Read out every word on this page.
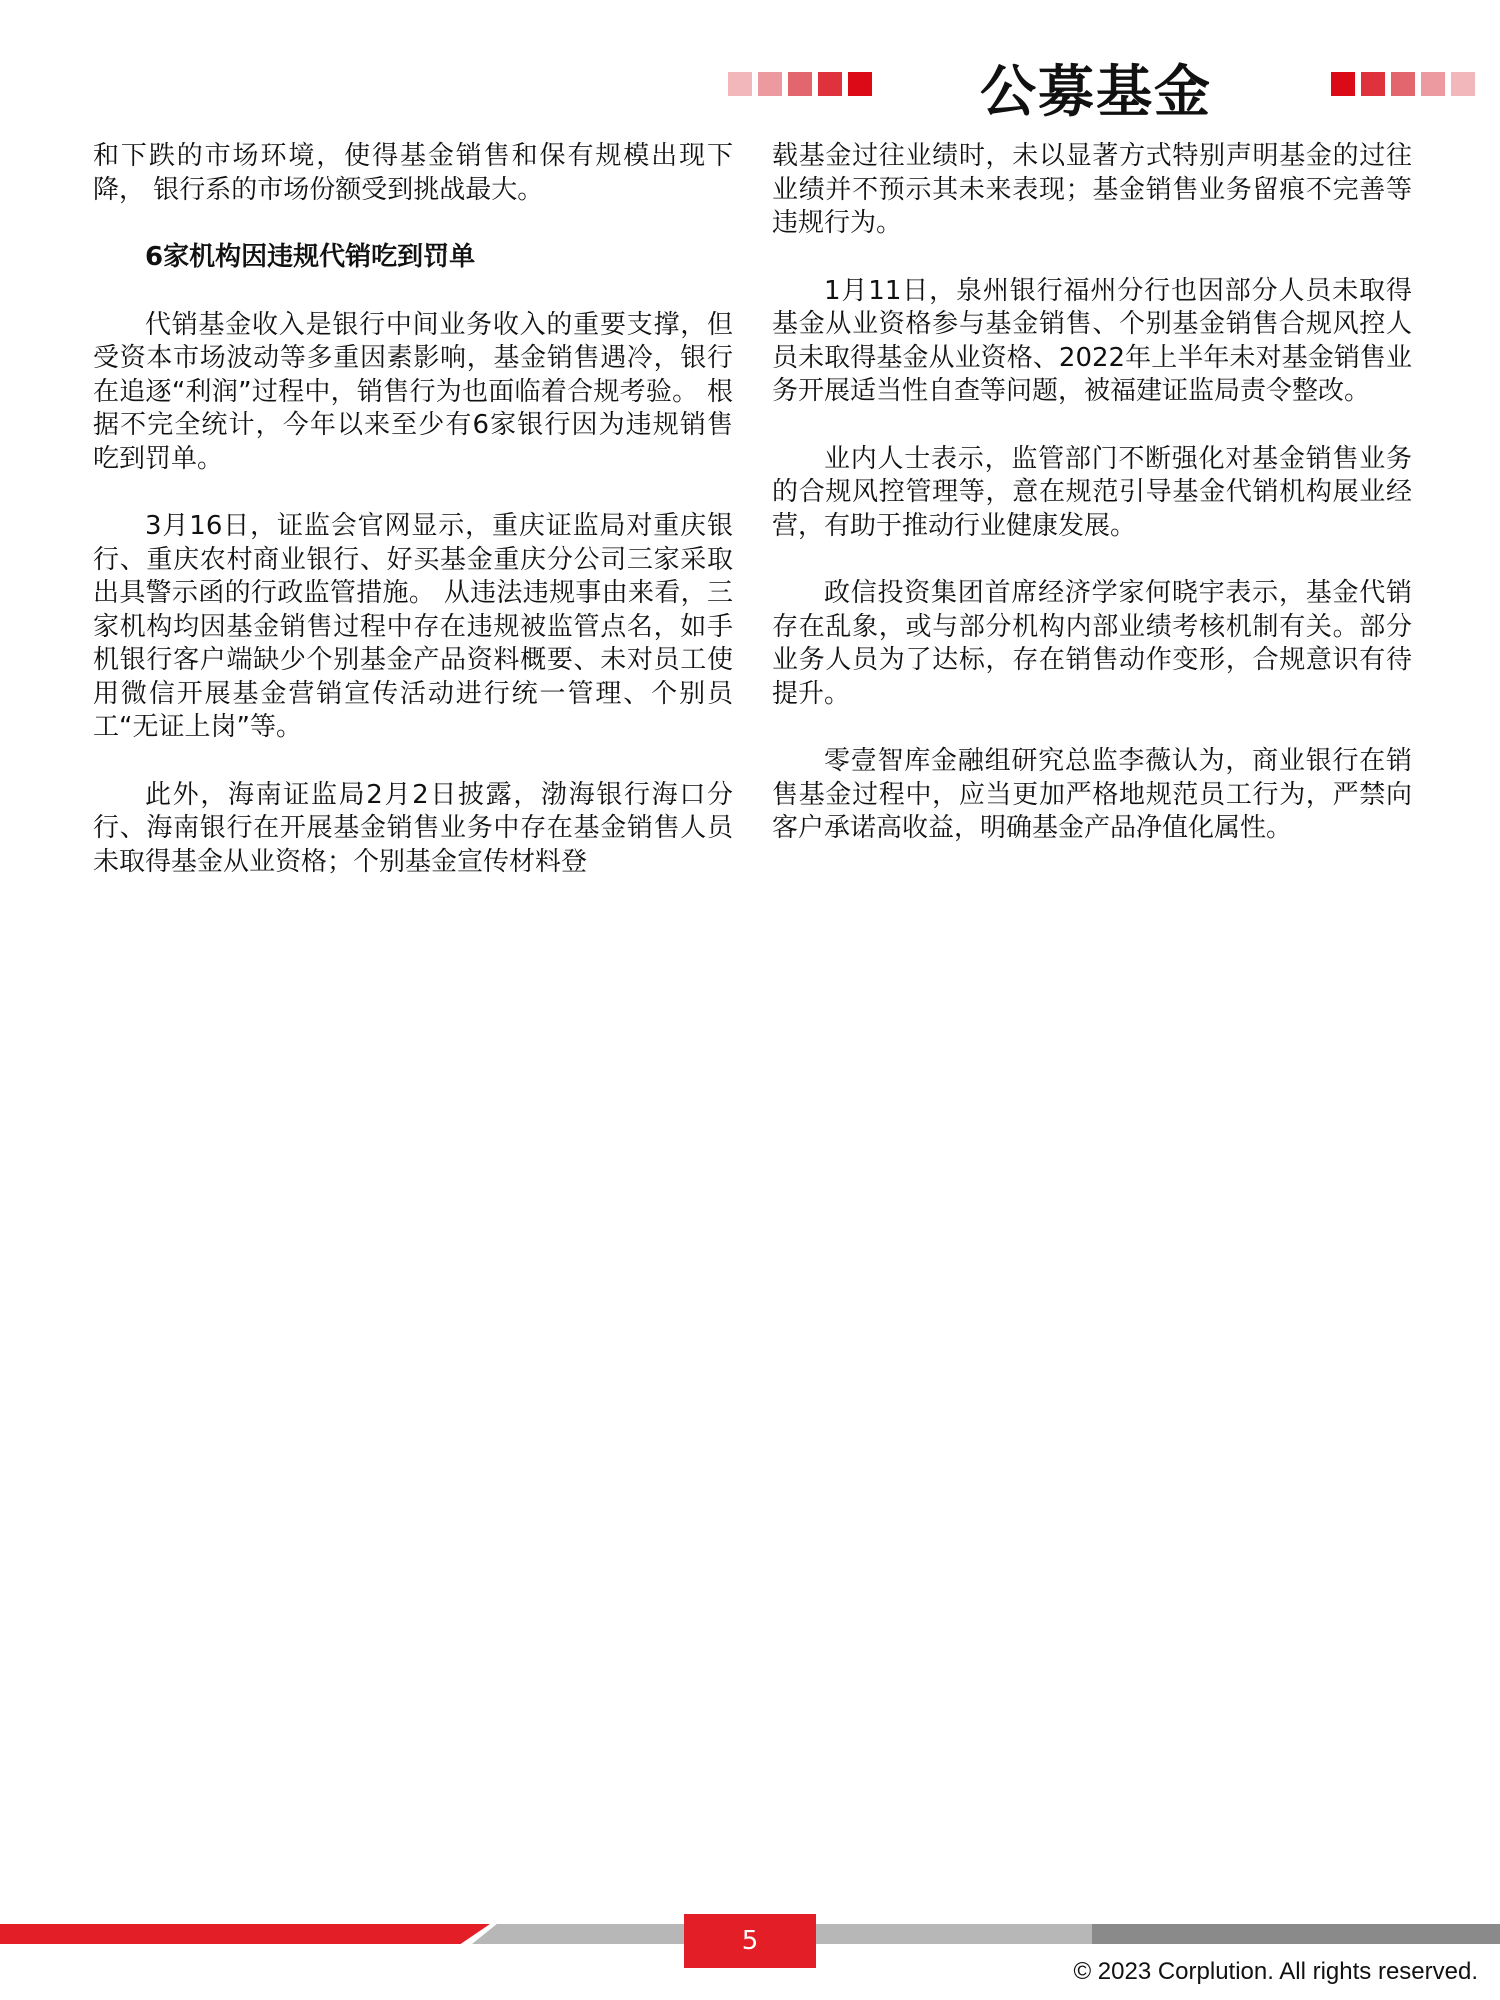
公募基金

和下跌的市场环境，使得基金销售和保有规模出现下降， 银行系的市场份额受到挑战最大。

6家机构因违规代销吃到罚单

代销基金收入是银行中间业务收入的重要支撑，但受资本市场波动等多重因素影响，基金销售遇冷，银行在追逐“利润”过程中，销售行为也面临着合规考验。 根据不完全统计，今年以来至少有6家银行因为违规销售吃到罚单。

3月16日，证监会官网显示，重庆证监局对重庆银行、重庆农村商业银行、好买基金重庆分公司三家采取出具警示函的行政监管措施。 从违法违规事由来看，三家机构均因基金销售过程中存在违规被监管点名，如手机银行客户端缺少个别基金产品资料概要、未对员工使用微信开展基金营销宣传活动进行统一管理、个别员工“无证上岗”等。

此外，海南证监局2月2日披露，渤海银行海口分行、海南银行在开展基金销售业务中存在基金销售人员未取得基金从业资格；个别基金宣传材料登

载基金过往业绩时，未以显著方式特别声明基金的过往业绩并不预示其未来表现；基金销售业务留痕不完善等违规行为。

1月11日，泉州银行福州分行也因部分人员未取得基金从业资格参与基金销售、个别基金销售合规风控人员未取得基金从业资格、2022年上半年未对基金销售业务开展适当性自查等问题，被福建证监局责令整改。

业内人士表示，监管部门不断强化对基金销售业务的合规风控管理等，意在规范引导基金代销机构展业经营，有助于推动行业健康发展。

政信投资集团首席经济学家何晓宇表示，基金代销存在乱象，或与部分机构内部业绩考核机制有关。部分业务人员为了达标，存在销售动作变形，合规意识有待提升。

零壹智库金融组研究总监李薇认为，商业银行在销售基金过程中，应当更加严格地规范员工行为，严禁向客户承诺高收益，明确基金产品净值化属性。

5
© 2023 Corplution. All rights reserved.
